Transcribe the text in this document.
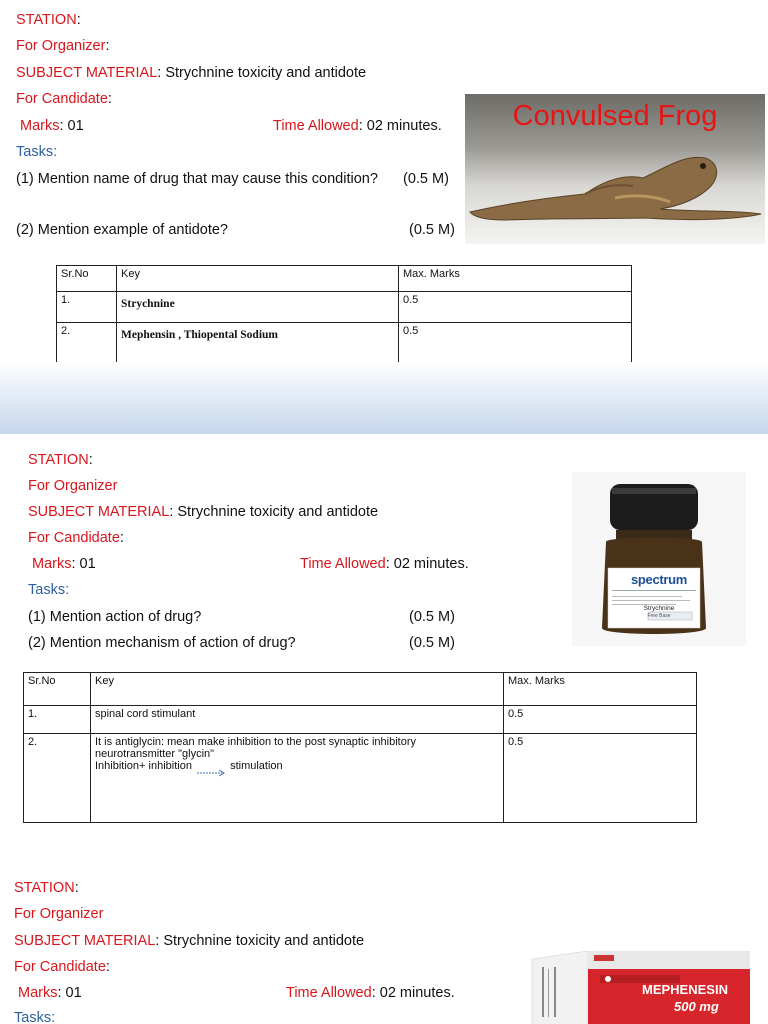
STATION:
For Organizer:
SUBJECT MATERIAL: Strychnine toxicity and antidote
For Candidate:
Marks: 01	Time Allowed: 02 minutes.
Tasks:
(1) Mention name of drug that may cause this condition? (0.5 M)
(2) Mention example of antidote?	(0.5 M)
Convulsed Frog
Sr.No	Key	Max. Marks
1.	Strychnine	0.5
2.	Mephensin , Thiopental Sodium	0.5
STATION:
For Organizer
SUBJECT MATERIAL: Strychnine toxicity and antidote
For Candidate:
Marks: 01	Time Allowed: 02 minutes.
Tasks:
(1) Mention action of drug?	(0.5 M)
(2) Mention mechanism of action of drug?	(0.5 M)
spectrum
Strychnine
Free Base
Sr.No	Key	Max. Marks
1.	spinal cord stimulant	0.5
2.	It is antiglycin: mean make inhibition to the post synaptic inhibitory
neurotransmitter "glycin"
Inhibition+ inhibition stimulation	0.5
STATION:
For Organizer
SUBJECT MATERIAL: Strychnine toxicity and antidote
For Candidate:
Marks: 01	Time Allowed: 02 minutes.
Tasks:
MEPHENESIN
500 mg
